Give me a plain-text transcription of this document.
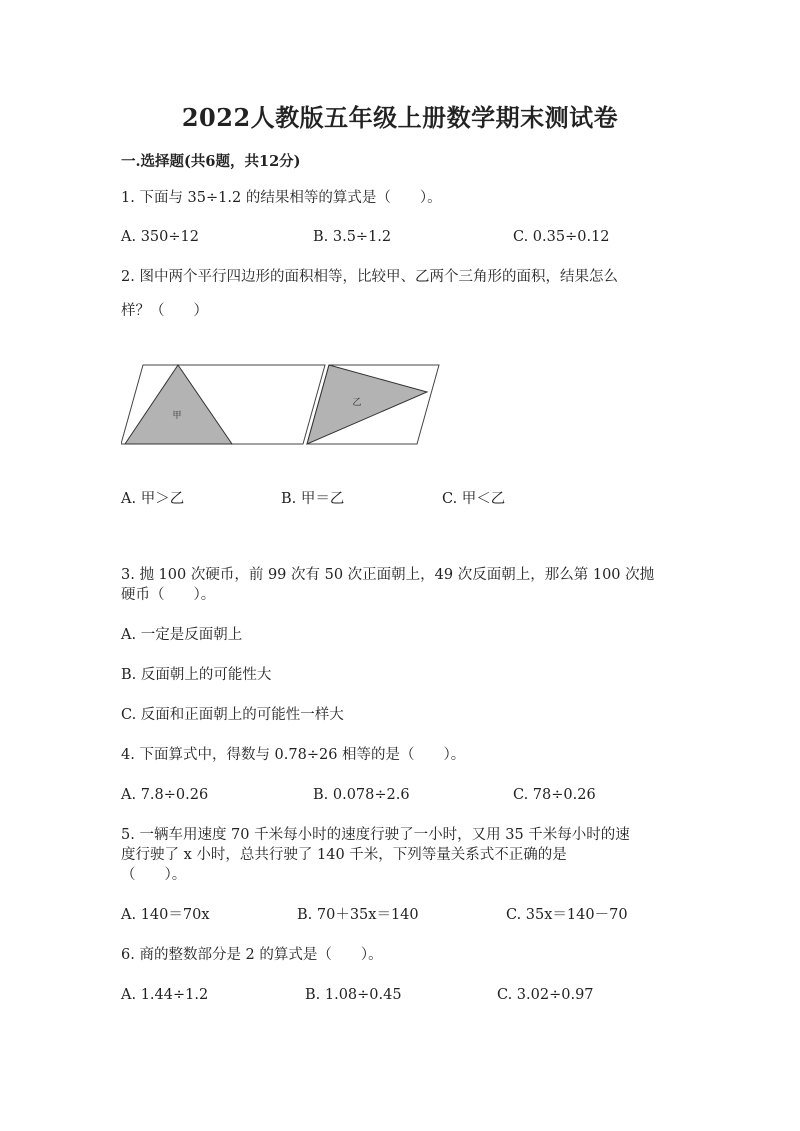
2022人教版五年级上册数学期末测试卷
一.选择题(共6题，共12分)
1. 下面与 35÷1.2 的结果相等的算式是（　　）。
A. 350÷12	B. 3.5÷1.2	C. 0.35÷0.12
2. 图中两个平行四边形的面积相等，比较甲、乙两个三角形的面积，结果怎么
样？（　　）
甲
乙
A. 甲＞乙	B. 甲＝乙	C. 甲＜乙
3. 抛 100 次硬币，前 99 次有 50 次正面朝上，49 次反面朝上，那么第 100 次抛
硬币（　　）。
A. 一定是反面朝上
B. 反面朝上的可能性大
C. 反面和正面朝上的可能性一样大
4. 下面算式中，得数与 0.78÷26 相等的是（　　）。
A. 7.8÷0.26	B. 0.078÷2.6	C. 78÷0.26
5. 一辆车用速度 70 千米每小时的速度行驶了一小时，又用 35 千米每小时的速
度行驶了 x 小时，总共行驶了 140 千米，下列等量关系式不正确的是
（　　）。
A. 140＝70x	B. 70＋35x＝140	C. 35x＝140－70
6. 商的整数部分是 2 的算式是（　　）。
A. 1.44÷1.2	B. 1.08÷0.45	C. 3.02÷0.97
